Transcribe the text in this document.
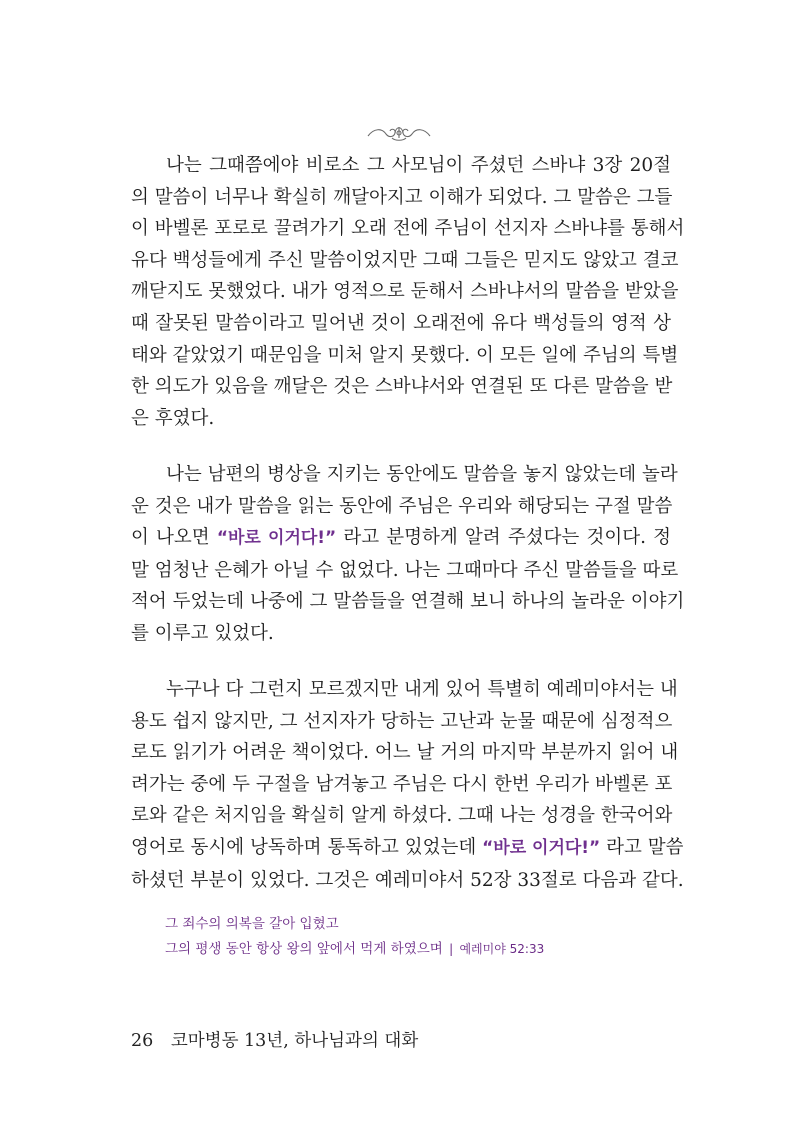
나는 그때쯤에야 비로소 그 사모님이 주셨던 스바냐 3장 20절
의 말씀이 너무나 확실히 깨달아지고 이해가 되었다. 그 말씀은 그들
이 바벨론 포로로 끌려가기 오래 전에 주님이 선지자 스바냐를 통해서
유다 백성들에게 주신 말씀이었지만 그때 그들은 믿지도 않았고 결코
깨닫지도 못했었다. 내가 영적으로 둔해서 스바냐서의 말씀을 받았을
때 잘못된 말씀이라고 밀어낸 것이 오래전에 유다 백성들의 영적 상
태와 같았었기 때문임을 미처 알지 못했다. 이 모든 일에 주님의 특별
한 의도가 있음을 깨달은 것은 스바냐서와 연결된 또 다른 말씀을 받
은 후였다.
나는 남편의 병상을 지키는 동안에도 말씀을 놓지 않았는데 놀라
운 것은 내가 말씀을 읽는 동안에 주님은 우리와 해당되는 구절 말씀
이 나오면 “바로 이거다!” 라고 분명하게 알려 주셨다는 것이다. 정
말 엄청난 은혜가 아닐 수 없었다. 나는 그때마다 주신 말씀들을 따로
적어 두었는데 나중에 그 말씀들을 연결해 보니 하나의 놀라운 이야기
를 이루고 있었다.
누구나 다 그런지 모르겠지만 내게 있어 특별히 예레미야서는 내
용도 쉽지 않지만, 그 선지자가 당하는 고난과 눈물 때문에 심정적으
로도 읽기가 어려운 책이었다. 어느 날 거의 마지막 부분까지 읽어 내
려가는 중에 두 구절을 남겨놓고 주님은 다시 한번 우리가 바벨론 포
로와 같은 처지임을 확실히 알게 하셨다. 그때 나는 성경을 한국어와
영어로 동시에 낭독하며 통독하고 있었는데 “바로 이거다!” 라고 말씀
하셨던 부분이 있었다. 그것은 예레미야서 52장 33절로 다음과 같다.
그 죄수의 의복을 갈아 입혔고
그의 평생 동안 항상 왕의 앞에서 먹게 하였으며 | 예레미야 52:33
26 코마병동 13년, 하나님과의 대화
